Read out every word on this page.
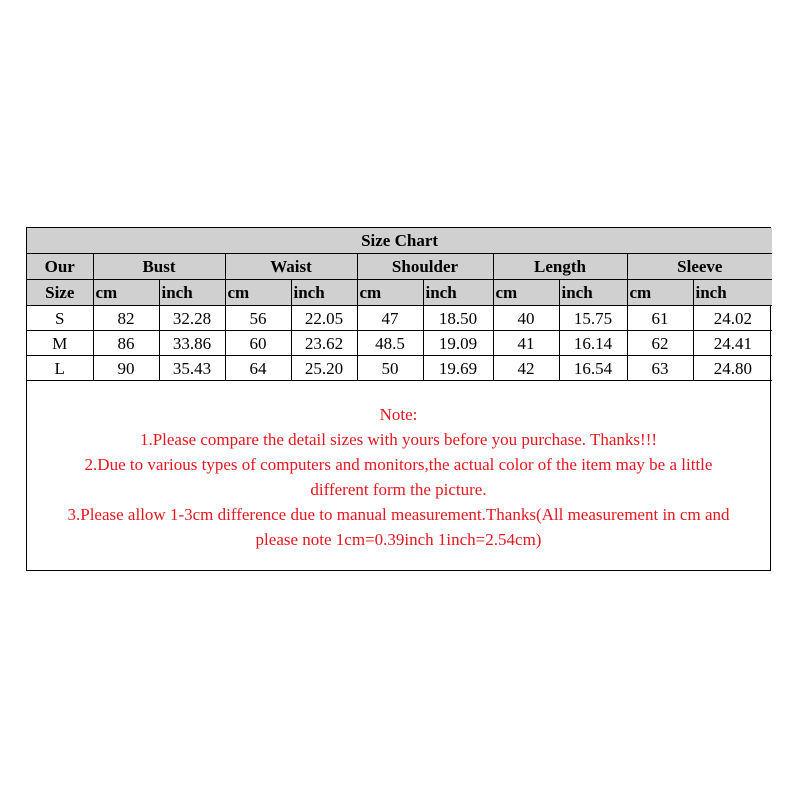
Size Chart										
Our	Bust		Waist		Shoulder		Length		Sleeve	
Size	cm	inch	cm	inch	cm	inch	cm	inch	cm	inch
S	82	32.28	56	22.05	47	18.50	40	15.75	61	24.02
M	86	33.86	60	23.62	48.5	19.09	41	16.14	62	24.41
L	90	35.43	64	25.20	50	19.69	42	16.54	63	24.80
Note:
1.Please compare the detail sizes with yours before you purchase. Thanks!!!
2.Due to various types of computers and monitors,the actual color of the item may be a little
different form the picture.
3.Please allow 1-3cm difference due to manual measurement.Thanks(All measurement in cm and
please note 1cm=0.39inch 1inch=2.54cm)
